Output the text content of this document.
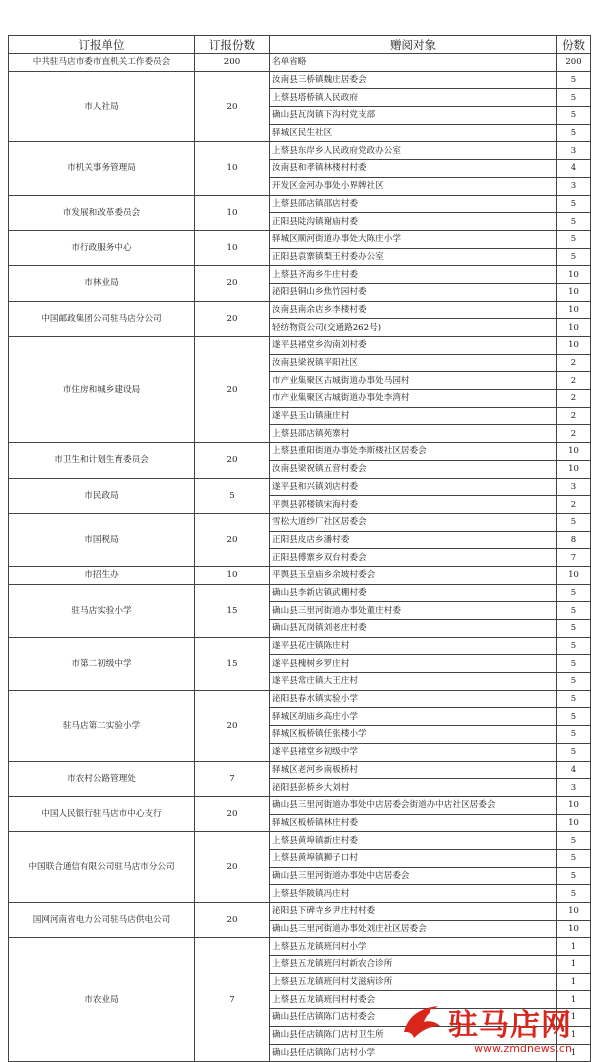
订报单位	订报份数	赠阅对象	份数
中共驻马店市委市直机关工作委员会	200	名单省略	200
市人社局	20	汝南县三桥镇魏庄居委会	5
		上蔡县塔桥镇人民政府	5
		确山县瓦岗镇下沟村党支部	5
		驿城区民生社区	5
市机关事务管理局	10	上蔡县东岸乡人民政府党政办公室	3
		汝南县和孝镇林楼村村委	4
		开发区金河办事处小界牌社区	3
市发展和改革委员会	10	上蔡县邵店镇邵店村委	5
		正阳县陡沟镇谢庙村委	5
市行政服务中心	10	驿城区顺河街道办事处大陈庄小学	5
		正阳县袁寨镇梨王村委办公室	5
市林业局	20	上蔡县齐海乡牛庄村委	10
		泌阳县铜山乡焦竹园村委	10
中国邮政集团公司驻马店分公司	20	汝南县南余店乡李楼村委	10
		轻纺物资公司(交通路262号)	10
市住房和城乡建设局	20	遂平县褚堂乡沟南刘村委	10
		汝南县梁祝镇平阳社区	2
		市产业集聚区古城街道办事处马园村	2
		市产业集聚区古城街道办事处李湾村	2
		遂平县玉山镇康庄村	2
		上蔡县邵店镇苑寨村	2
市卫生和计划生育委员会	20	上蔡县重阳街道办事处李斯楼社区居委会	10
		汝南县梁祝镇五营村委会	10
市民政局	5	遂平县和兴镇刘店村委	3
		平舆县郭楼镇宋海村委	2
市国税局	20	雪松大道纱厂社区居委会	5
		正阳县皮店乡潘村委	8
		正阳县傅寨乡双台村委会	7
市招生办	10	平舆县玉皇庙乡余坡村委会	10
驻马店实验小学	15	确山县李新店镇武棚村委	5
		确山县三里河街道办事处董庄村委	5
		确山县瓦岗镇刘老庄村委	5
市第二初级中学	15	遂平县花庄镇陈庄村	5
		遂平县槐树乡罗庄村	5
		遂平县常庄镇大王庄村	5
驻马店第二实验小学	20	泌阳县春水镇实验小学	5
		驿城区胡庙乡高庄小学	5
		驿城区板桥镇任张楼小学	5
		遂平县褚堂乡初级中学	5
市农村公路管理处	7	驿城区老河乡南板桥村	4
		泌阳县彭桥乡大刘村	3
中国人民银行驻马店市中心支行	20	确山县三里河街道办事处中店居委会街道办中店社区居委会	10
		驿城区板桥镇林庄村委	10
中国联合通信有限公司驻马店市分公司	20	上蔡县黄埠镇新庄村委	5
		上蔡县黄埠镇狮子口村	5
		确山县三里河街道办事处中店居委会	5
		上蔡县华陂镇冯庄村	5
国网河南省电力公司驻马店供电公司	20	泌阳县下碑寺乡尹庄村村委	10
		确山县三里河街道办事处刘庄社区居委会	10
市农业局	7	上蔡县五龙镇班闫村小学	1
		上蔡县五龙镇班闫村新农合诊所	1
		上蔡县五龙镇班闫村艾滋病诊所	1
		上蔡县五龙镇班闫村村委会	1
		确山县任店镇陈门店村委会	1
		确山县任店镇陈门店村卫生所	1
		确山县任店镇陈门店村小学	1
驻马店网
www.zmdnews.cn
